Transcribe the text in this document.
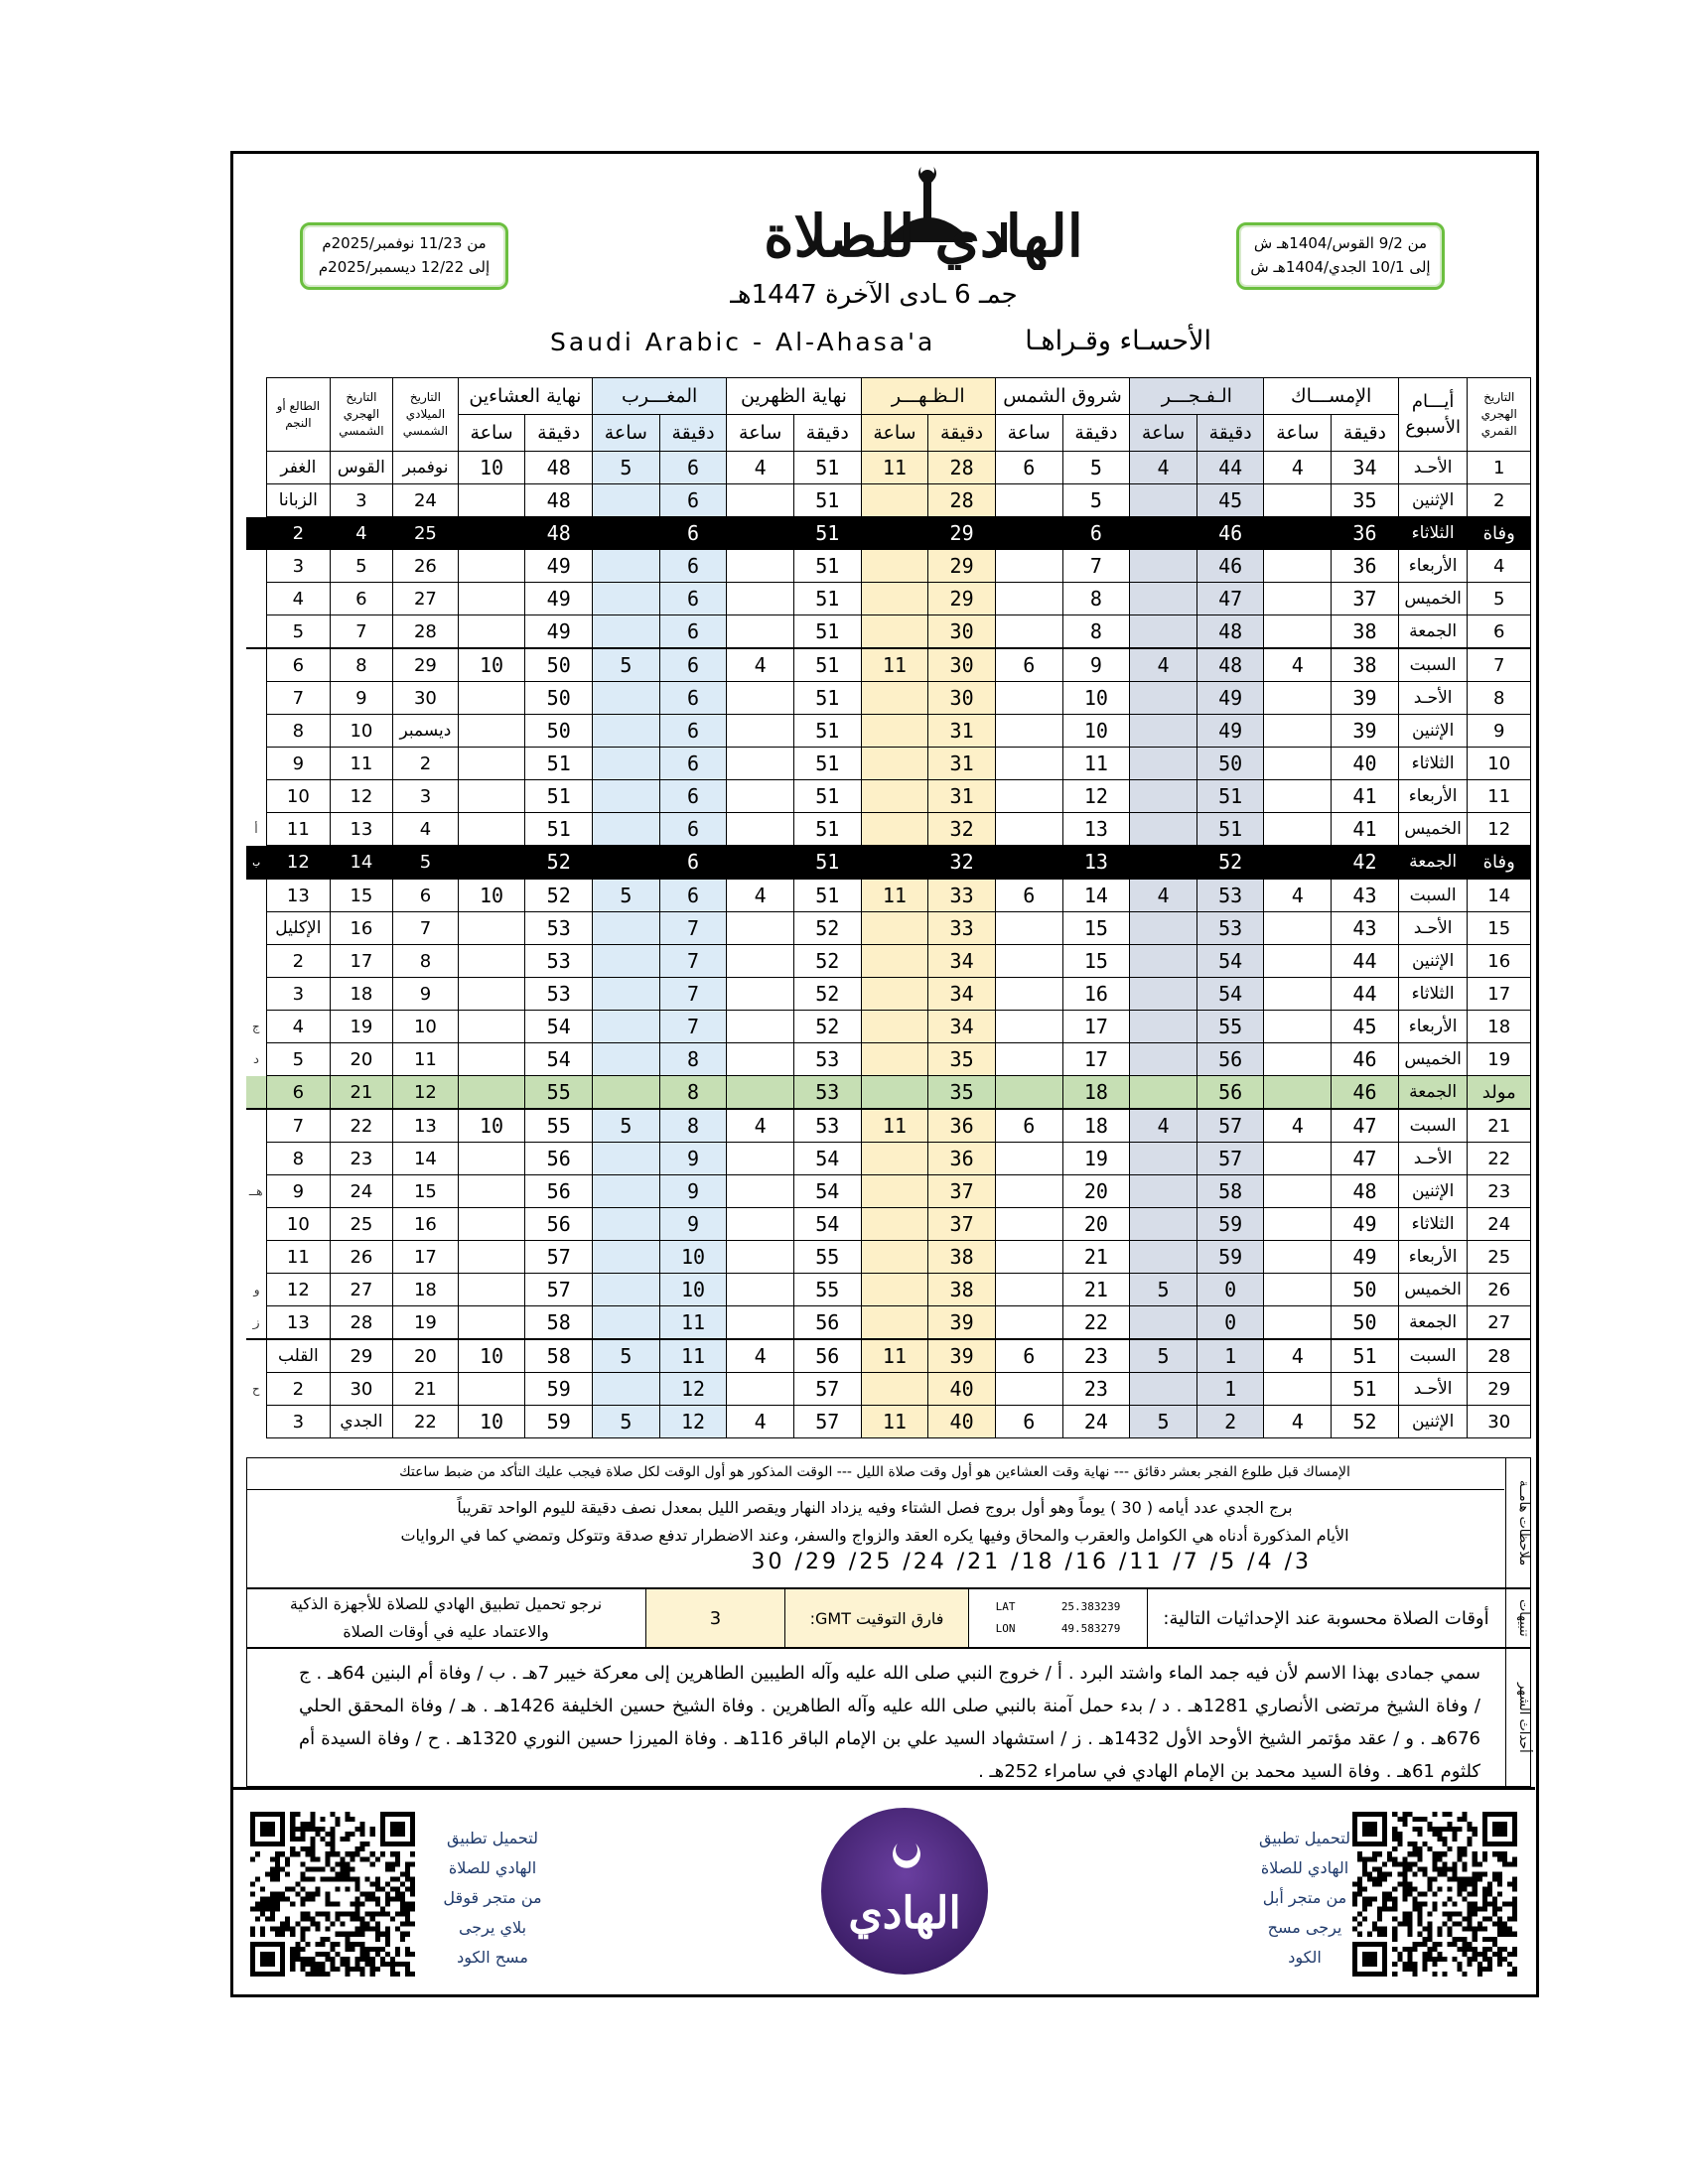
الهادي للصلاة
من 11/23 نوفمبر/2025م
إلى 12/22 ديسمبر/2025م
من 9/2 القوس/1404هـ ش
إلى 10/1 الجدي/1404هـ ش
جمـ 6 ـادى الآخرة 1447هـ
الأحسـاء وقـراهـا
Saudi Arabic - Al-Ahasa'a
التاريخ الهجري القمري	أيـــام الأسبوع	الإمســـاك		الـفـجـــر		شروق الشمس		الـظـهـــر		نهاية الظهرين		المغـــرب		نهاية العشاءين		التاريخ الميلادي الشمسي	التاريخ الهجري الشمسي	الطالع أو النجم	
		دقيقة	ساعة	دقيقة	ساعة	دقيقة	ساعة	دقيقة	ساعة	دقيقة	ساعة	دقيقة	ساعة	دقيقة	ساعة				
1	الأحـد	34	4	44	4	5	6	28	11	51	4	6	5	48	10	نوفمبر	القوس	الغفر	
2	الإثنين	35		45		5		28		51		6		48		24	3	الزبانا	
وفاة	الثلاثاء	36		46		6		29		51		6		48		25	4	2	
4	الأربعاء	36		46		7		29		51		6		49		26	5	3	
5	الخميس	37		47		8		29		51		6		49		27	6	4	
6	الجمعة	38		48		8		30		51		6		49		28	7	5	
7	السبت	38	4	48	4	9	6	30	11	51	4	6	5	50	10	29	8	6	
8	الأحـد	39		49		10		30		51		6		50		30	9	7	
9	الإثنين	39		49		10		31		51		6		50		ديسمبر	10	8	
10	الثلاثاء	40		50		11		31		51		6		51		2	11	9	
11	الأربعاء	41		51		12		31		51		6		51		3	12	10	
12	الخميس	41		51		13		32		51		6		51		4	13	11	أ
وفاة	الجمعة	42		52		13		32		51		6		52		5	14	12	ب
14	السبت	43	4	53	4	14	6	33	11	51	4	6	5	52	10	6	15	13	
15	الأحـد	43		53		15		33		52		7		53		7	16	الإكليل	
16	الإثنين	44		54		15		34		52		7		53		8	17	2	
17	الثلاثاء	44		54		16		34		52		7		53		9	18	3	
18	الأربعاء	45		55		17		34		52		7		54		10	19	4	ج
19	الخميس	46		56		17		35		53		8		54		11	20	5	د
مولد	الجمعة	46		56		18		35		53		8		55		12	21	6	
21	السبت	47	4	57	4	18	6	36	11	53	4	8	5	55	10	13	22	7	
22	الأحـد	47		57		19		36		54		9		56		14	23	8	
23	الإثنين	48		58		20		37		54		9		56		15	24	9	هـ
24	الثلاثاء	49		59		20		37		54		9		56		16	25	10	
25	الأربعاء	49		59		21		38		55		10		57		17	26	11	
26	الخميس	50		0	5	21		38		55		10		57		18	27	12	و
27	الجمعة	50		0		22		39		56		11		58		19	28	13	ز
28	السبت	51	4	1	5	23	6	39	11	56	4	11	5	58	10	20	29	القلب	
29	الأحـد	51		1		23		40		57		12		59		21	30	2	ح
30	الإثنين	52	4	2	5	24	6	40	11	57	4	12	5	59	10	22	الجدي	3	
ملاحظات هامــة
الإمساك قبل طلوع الفجر بعشر دقائق --- نهاية وقت العشاءين هو أول وقت صلاة الليل --- الوقت المذكور هو أول الوقت لكل صلاة فيجب عليك التأكد من ضبط ساعتك
برج الجدي عدد أيامه ( 30 ) يوماً وهو أول بروج فصل الشتاء وفيه يزداد النهار ويقصر الليل بمعدل نصف دقيقة لليوم الواحد تقريباً
الأيام المذكورة أدناه هي الكوامل والعقرب والمحاق وفيها يكره العقد والزواج والسفر، وعند الاضطرار تدفع صدقة وتتوكل وتمضي كما في الروايات
3/ 4/ 5/ 7/ 11/ 16/ 18/ 21/ 24/ 25/ 29/ 30
تنبيهات
أوقات الصلاة محسوبة عند الإحداثيات التالية:
LAT	25.383239
LON	49.583279
فارق التوقيت GMT:
3
نرجو تحميل تطبيق الهادي للصلاة للأجهزة الذكية
والاعتماد عليه في أوقات الصلاة
أحداث الشهر
سمي جمادى بهذا الاسم لأن فيه جمد الماء واشتد البرد . أ / خروج النبي صلى الله عليه وآله الطيبين الطاهرين إلى معركة خيبر 7هـ . ب / وفاة أم البنين 64هـ . ج / وفاة الشيخ مرتضى الأنصاري 1281هـ . د / بدء حمل آمنة بالنبي صلى الله عليه وآله الطاهرين . وفاة الشيخ حسين الخليفة 1426هـ . هـ / وفاة المحقق الحلي 676هـ . و / عقد مؤتمر الشيخ الأوحد الأول 1432هـ . ز / استشهاد السيد علي بن الإمام الباقر 116هـ . وفاة الميرزا حسين النوري 1320هـ . ح / وفاة السيدة أم كلثوم 61هـ . وفاة السيد محمد بن الإمام الهادي في سامراء 252هـ .
لتحميل تطبيق
الهادي للصلاة
من متجر قوقل
بلاي يرجى
مسح الكود
الهادي
لتحميل تطبيق
الهادي للصلاة
من متجر أبل
يرجى مسح
الكود
